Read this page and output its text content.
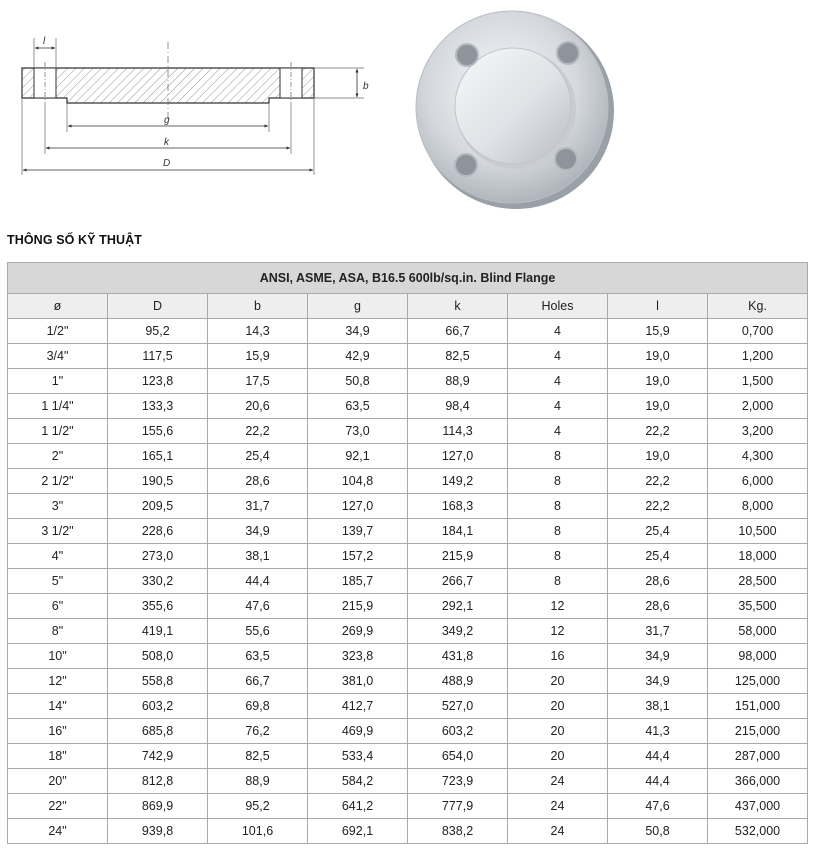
l
b
g
k
D
THÔNG SỐ KỸ THUẬT
ANSI, ASME, ASA, B16.5 600lb/sq.in. Blind Flange							
ø	D	b	g	k	Holes	l	Kg.
1/2"	95,2	14,3	34,9	66,7	4	15,9	0,700
3/4"	117,5	15,9	42,9	82,5	4	19,0	1,200
1"	123,8	17,5	50,8	88,9	4	19,0	1,500
1 1/4"	133,3	20,6	63,5	98,4	4	19,0	2,000
1 1/2"	155,6	22,2	73,0	114,3	4	22,2	3,200
2"	165,1	25,4	92,1	127,0	8	19,0	4,300
2 1/2"	190,5	28,6	104,8	149,2	8	22,2	6,000
3"	209,5	31,7	127,0	168,3	8	22,2	8,000
3 1/2"	228,6	34,9	139,7	184,1	8	25,4	10,500
4"	273,0	38,1	157,2	215,9	8	25,4	18,000
5"	330,2	44,4	185,7	266,7	8	28,6	28,500
6"	355,6	47,6	215,9	292,1	12	28,6	35,500
8"	419,1	55,6	269,9	349,2	12	31,7	58,000
10"	508,0	63,5	323,8	431,8	16	34,9	98,000
12"	558,8	66,7	381,0	488,9	20	34,9	125,000
14"	603,2	69,8	412,7	527,0	20	38,1	151,000
16"	685,8	76,2	469,9	603,2	20	41,3	215,000
18"	742,9	82,5	533,4	654,0	20	44,4	287,000
20"	812,8	88,9	584,2	723,9	24	44,4	366,000
22"	869,9	95,2	641,2	777,9	24	47,6	437,000
24"	939,8	101,6	692,1	838,2	24	50,8	532,000
